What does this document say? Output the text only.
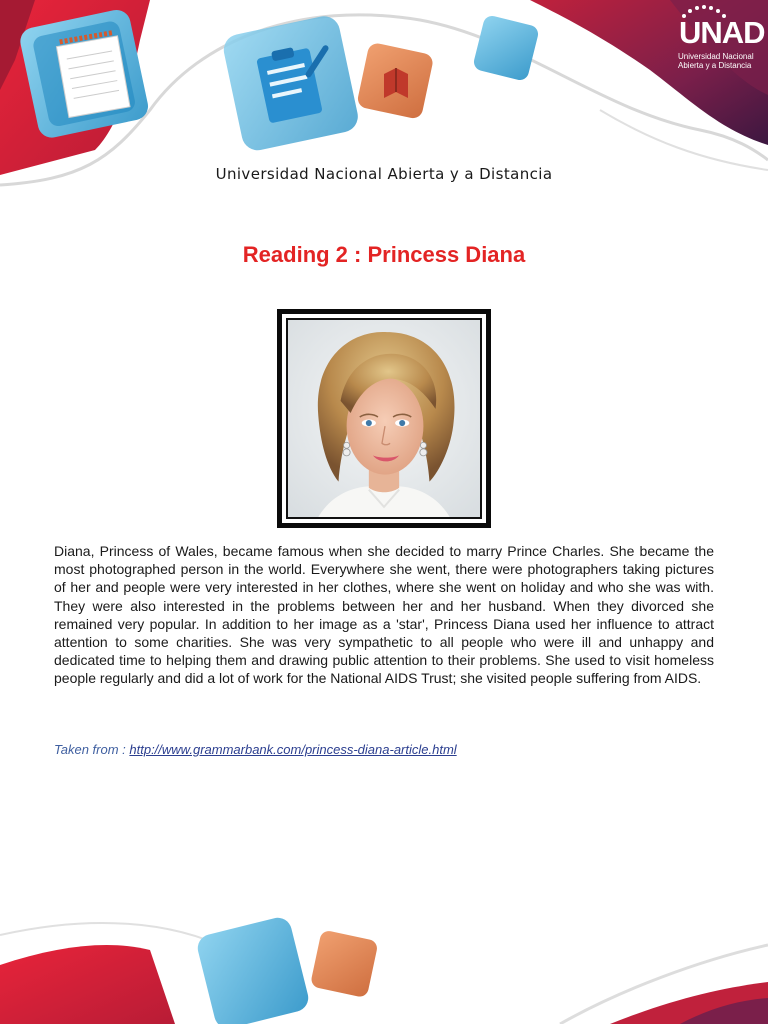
UNAD
Universidad Nacional
Abierta y a Distancia
Universidad Nacional Abierta y a Distancia
Reading 2 : Princess Diana
Diana, Princess of Wales, became famous when she decided to marry Prince Charles. She became the most photographed person in the world. Everywhere she went, there were photographers taking pictures of her and people were very interested in her clothes, where she went on holiday and who she was with. They were also interested in the problems between her and her husband. When they divorced she remained very popular. In addition to her image as a 'star', Princess Diana used her influence to attract attention to some charities. She was very sympathetic to all people who were ill and unhappy and dedicated time to helping them and drawing public attention to their problems. She used to visit homeless people regularly and did a lot of work for the National AIDS Trust; she visited people suffering from AIDS.
Taken from : http://www.grammarbank.com/princess-diana-article.html
